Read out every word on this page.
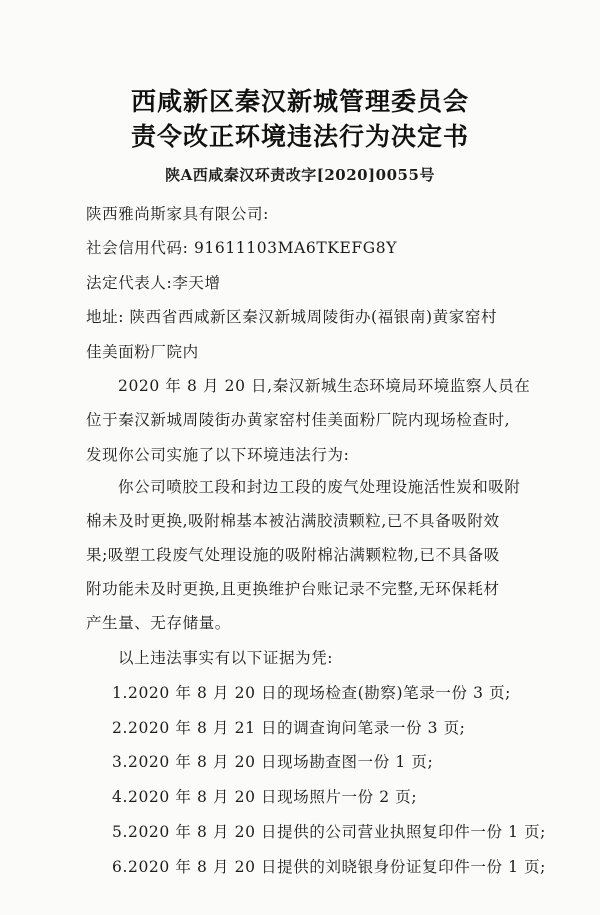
西咸新区秦汉新城管理委员会
责令改正环境违法行为决定书
陕A西咸秦汉环责改字[2020]0055号
陕西雅尚斯家具有限公司:
社会信用代码: 91611103MA6TKEFG8Y
法定代表人:李天增
地址: 陕西省西咸新区秦汉新城周陵街办(福银南)黄家窑村
佳美面粉厂院内
2020 年 8 月 20 日,秦汉新城生态环境局环境监察人员在
位于秦汉新城周陵街办黄家窑村佳美面粉厂院内现场检查时,
发现你公司实施了以下环境违法行为:
你公司喷胶工段和封边工段的废气处理设施活性炭和吸附
棉未及时更换,吸附棉基本被沾满胶渍颗粒,已不具备吸附效
果;吸塑工段废气处理设施的吸附棉沾满颗粒物,已不具备吸
附功能未及时更换,且更换维护台账记录不完整,无环保耗材
产生量、无存储量。
以上违法事实有以下证据为凭:
1.2020 年 8 月 20 日的现场检查(勘察)笔录一份 3 页;
2.2020 年 8 月 21 日的调查询问笔录一份 3 页;
3.2020 年 8 月 20 日现场勘查图一份 1 页;
4.2020 年 8 月 20 日现场照片一份 2 页;
5.2020 年 8 月 20 日提供的公司营业执照复印件一份 1 页;
6.2020 年 8 月 20 日提供的刘晓银身份证复印件一份 1 页;
